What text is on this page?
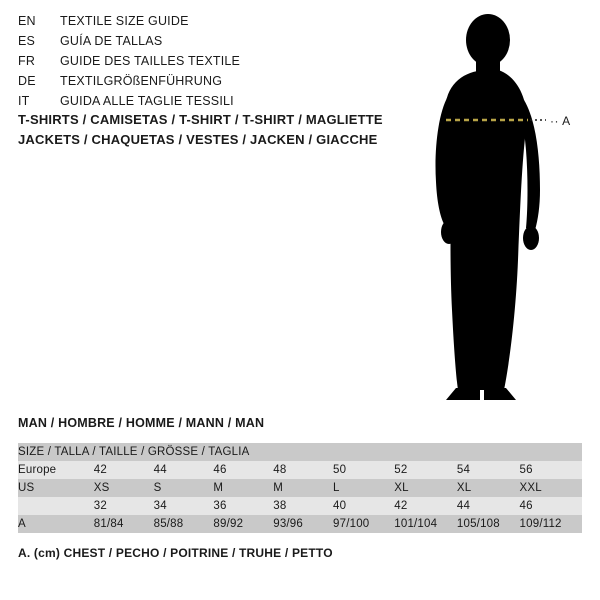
EN	TEXTILE SIZE GUIDE
ES	GUÍA DE TALLAS
FR	GUIDE DES TAILLES TEXTILE
DE	TEXTILGRÖßENFÜHRUNG
IT	GUIDA ALLE TAGLIE TESSILI
T-SHIRTS / CAMISETAS / T-SHIRT / T-SHIRT / MAGLIETTE
JACKETS / CHAQUETAS / VESTES / JACKEN / GIACCHE
·· A
MAN / HOMBRE / HOMME / MANN / MAN
SIZE / TALLA / TAILLE / GRÖSSE / TAGLIA								
Europe	42	44	46	48	50	52	54	56
US	XS	S	M	M	L	XL	XL	XXL
	32	34	36	38	40	42	44	46
A	81/84	85/88	89/92	93/96	97/100	101/104	105/108	109/112
A. (cm) CHEST / PECHO / POITRINE / TRUHE / PETTO
